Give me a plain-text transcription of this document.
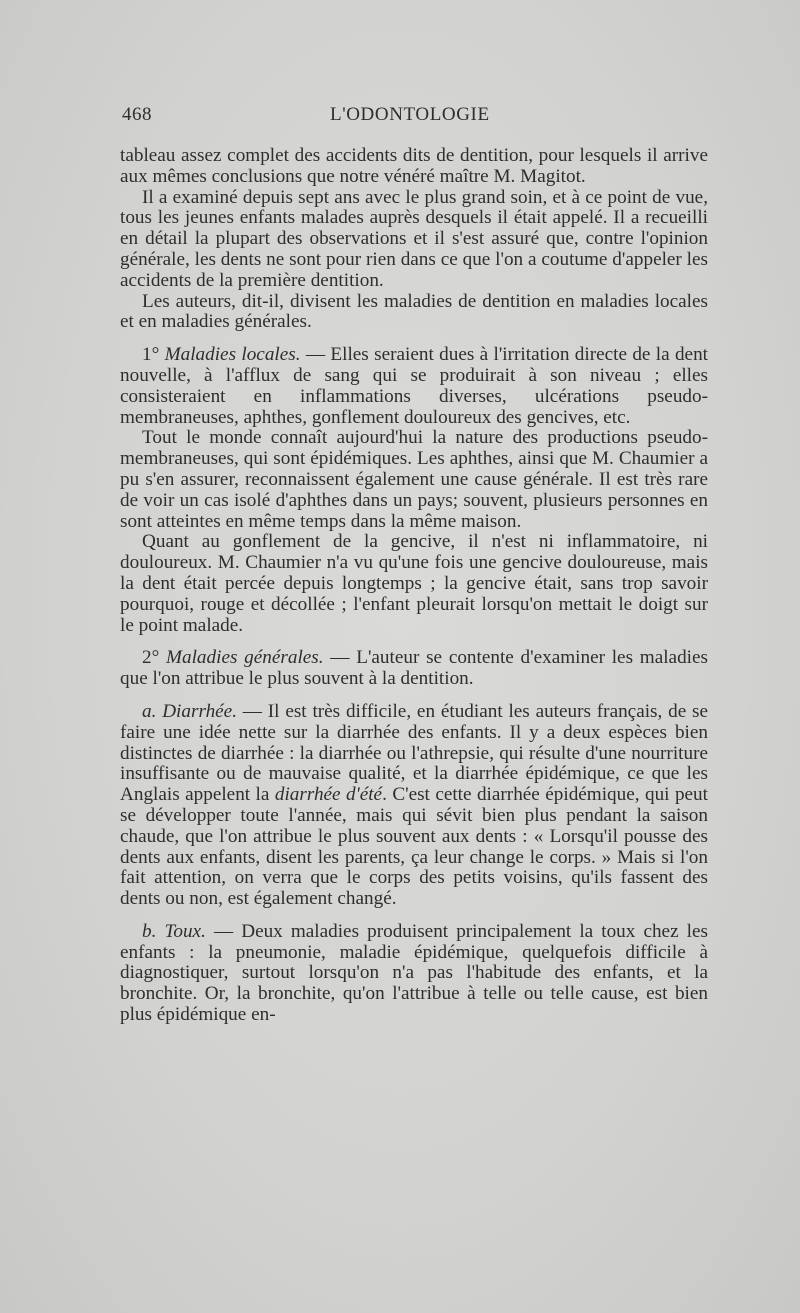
468	L'ODONTOLOGIE

tableau assez complet des accidents dits de dentition, pour lesquels il arrive aux mêmes conclusions que notre vénéré maître M. Magitot.

Il a examiné depuis sept ans avec le plus grand soin, et à ce point de vue, tous les jeunes enfants malades auprès desquels il était appelé. Il a recueilli en détail la plupart des observations et il s'est assuré que, contre l'opinion générale, les dents ne sont pour rien dans ce que l'on a coutume d'appeler les accidents de la première dentition.

Les auteurs, dit-il, divisent les maladies de dentition en maladies locales et en maladies générales.

1° Maladies locales. — Elles seraient dues à l'irritation directe de la dent nouvelle, à l'afflux de sang qui se produirait à son niveau ; elles consisteraient en inflammations diverses, ulcérations pseudo-membraneuses, aphthes, gonflement douloureux des gencives, etc.

Tout le monde connaît aujourd'hui la nature des productions pseudo-membraneuses, qui sont épidémiques. Les aphthes, ainsi que M. Chaumier a pu s'en assurer, reconnaissent également une cause générale. Il est très rare de voir un cas isolé d'aphthes dans un pays; souvent, plusieurs personnes en sont atteintes en même temps dans la même maison.

Quant au gonflement de la gencive, il n'est ni inflammatoire, ni douloureux. M. Chaumier n'a vu qu'une fois une gencive douloureuse, mais la dent était percée depuis longtemps ; la gencive était, sans trop savoir pourquoi, rouge et décollée ; l'enfant pleurait lorsqu'on mettait le doigt sur le point malade.

2° Maladies générales. — L'auteur se contente d'examiner les maladies que l'on attribue le plus souvent à la dentition.

a. Diarrhée. — Il est très difficile, en étudiant les auteurs français, de se faire une idée nette sur la diarrhée des enfants. Il y a deux espèces bien distinctes de diarrhée : la diarrhée ou l'athrepsie, qui résulte d'une nourriture insuffisante ou de mauvaise qualité, et la diarrhée épidémique, ce que les Anglais appelent la diarrhée d'été. C'est cette diarrhée épidémique, qui peut se développer toute l'année, mais qui sévit bien plus pendant la saison chaude, que l'on attribue le plus souvent aux dents : « Lorsqu'il pousse des dents aux enfants, disent les parents, ça leur change le corps. » Mais si l'on fait attention, on verra que le corps des petits voisins, qu'ils fassent des dents ou non, est également changé.

b. Toux. — Deux maladies produisent principalement la toux chez les enfants : la pneumonie, maladie épidémique, quelquefois difficile à diagnostiquer, surtout lorsqu'on n'a pas l'habitude des enfants, et la bronchite. Or, la bronchite, qu'on l'attribue à telle ou telle cause, est bien plus épidémique en-
